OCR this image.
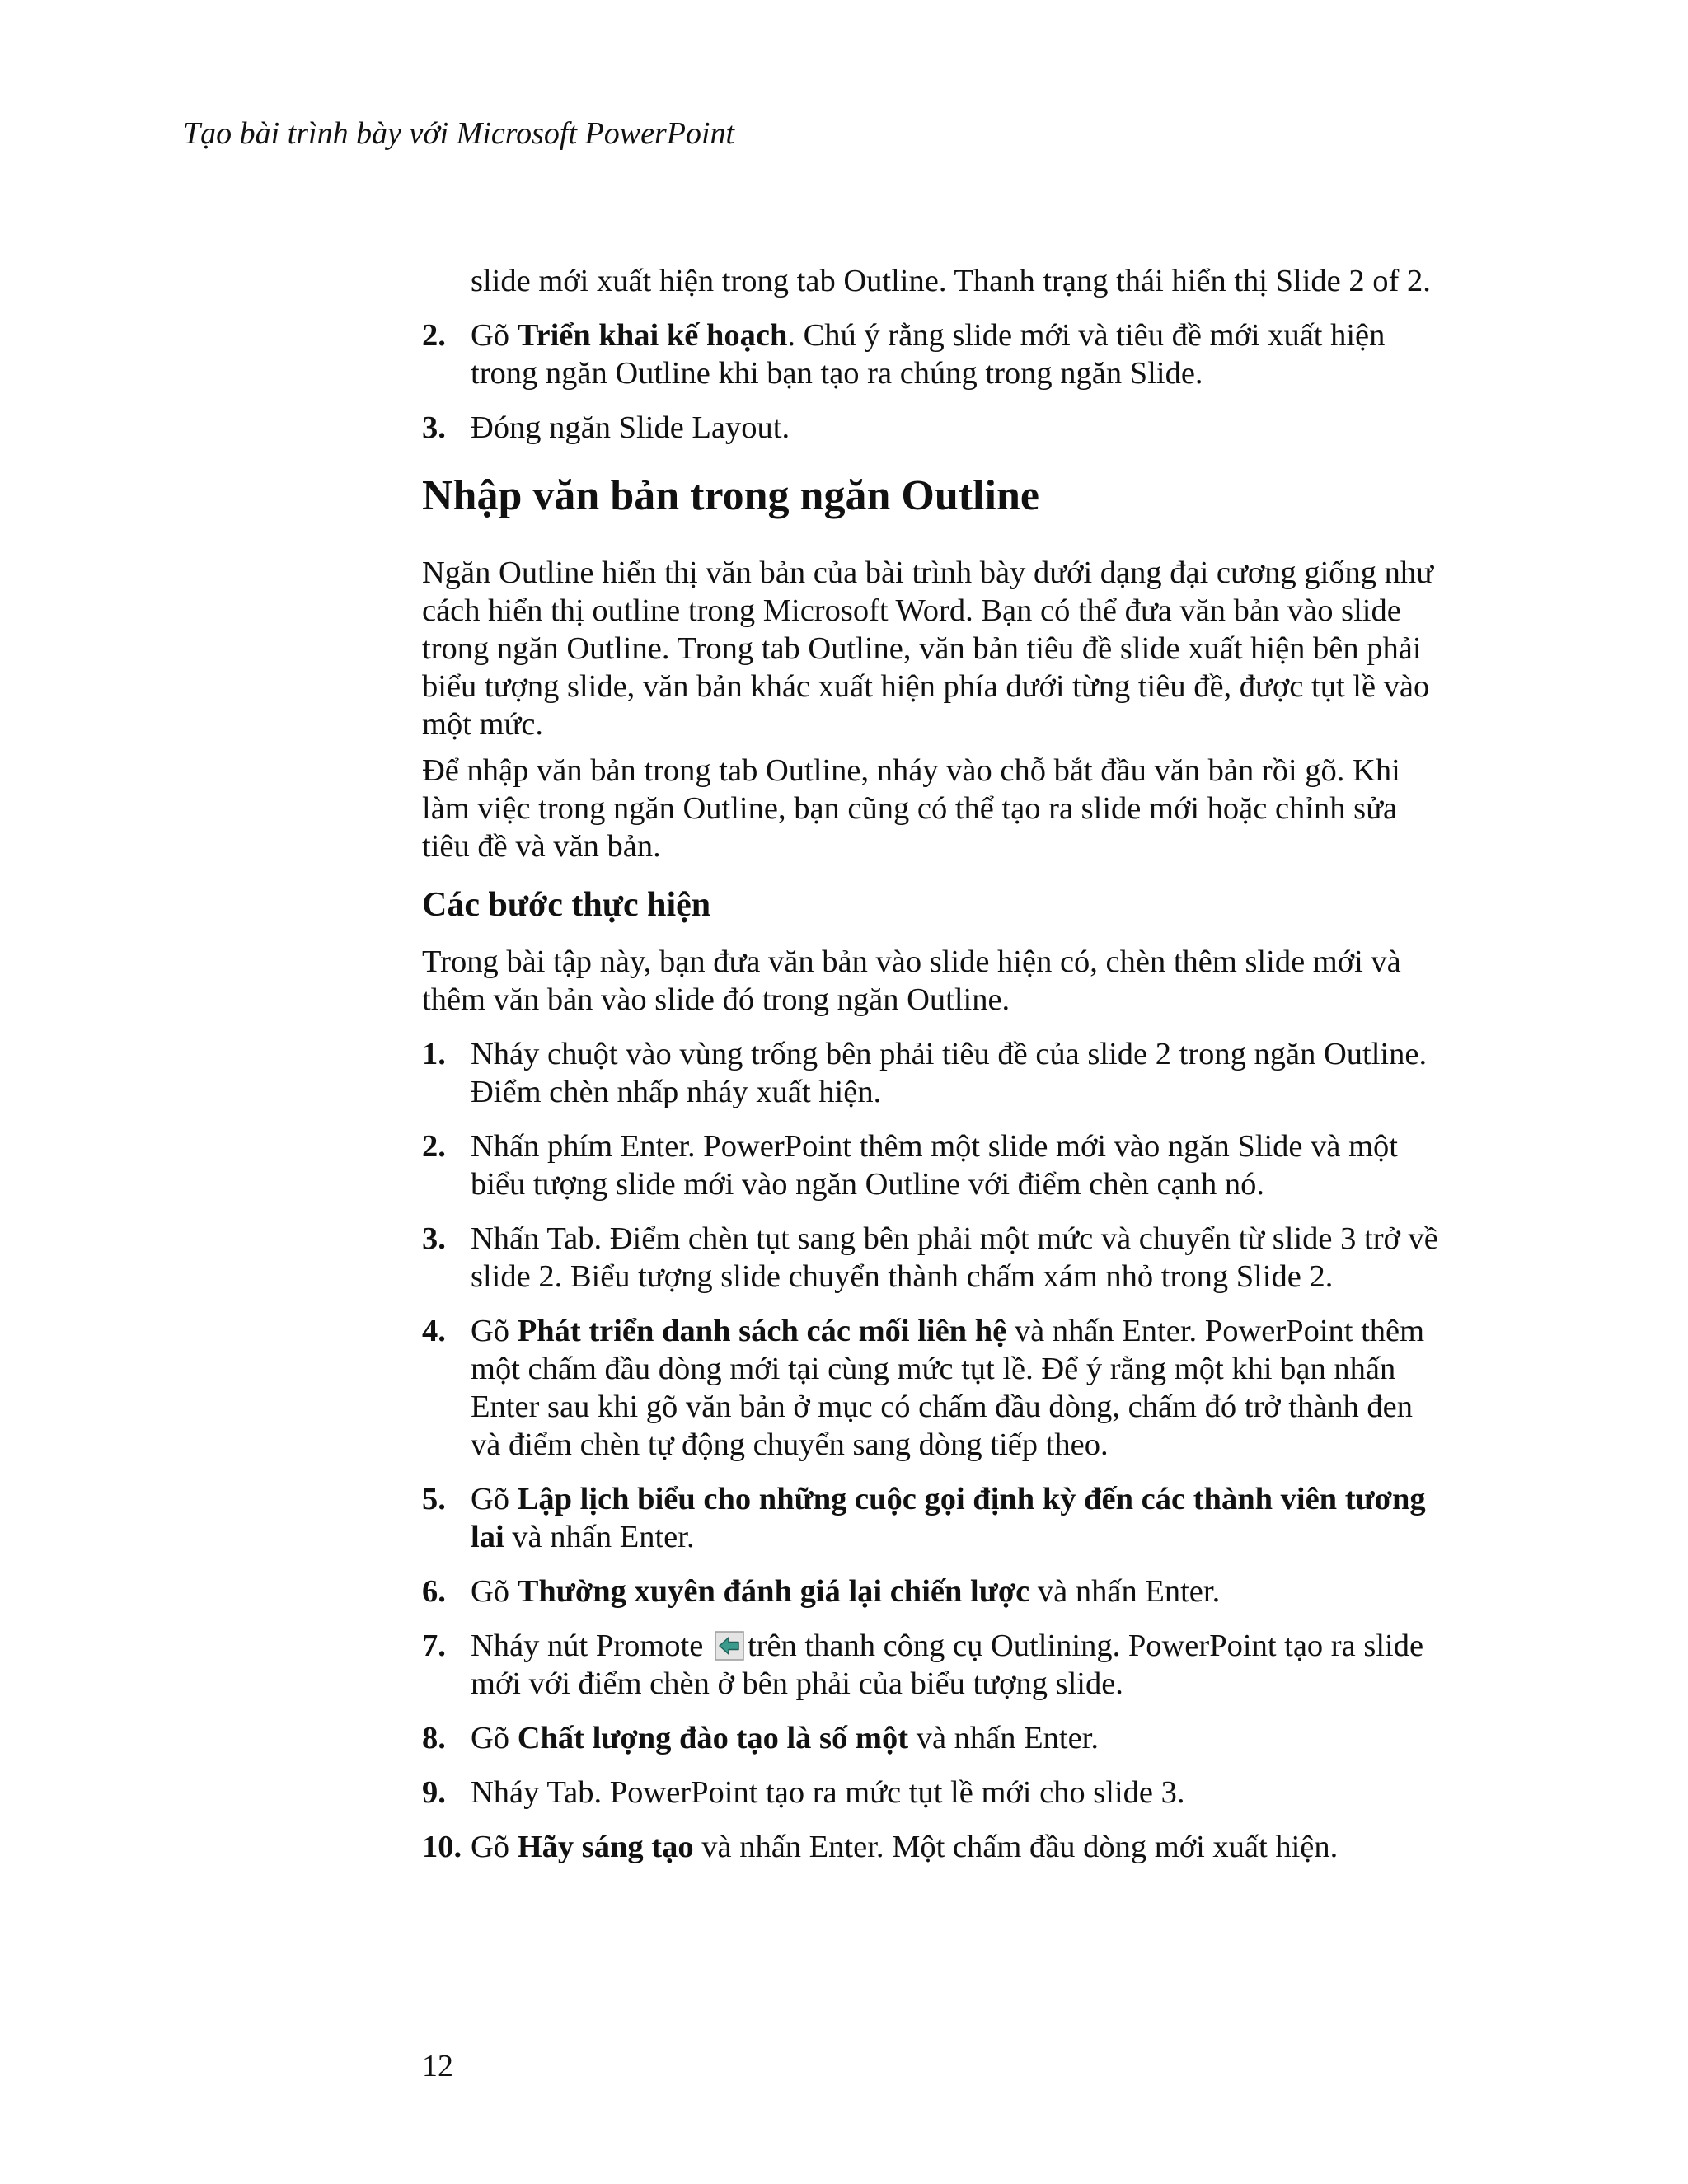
Tạo bài trình bày với Microsoft PowerPoint
slide mới xuất hiện trong tab Outline. Thanh trạng thái hiển thị Slide 2 of 2.
2. Gõ Triển khai kế hoạch. Chú ý rằng slide mới và tiêu đề mới xuất hiện trong ngăn Outline khi bạn tạo ra chúng trong ngăn Slide.
3. Đóng ngăn Slide Layout.
Nhập văn bản trong ngăn Outline
Ngăn Outline hiển thị văn bản của bài trình bày dưới dạng đại cương giống như cách hiển thị outline trong Microsoft Word. Bạn có thể đưa văn bản vào slide trong ngăn Outline. Trong tab Outline, văn bản tiêu đề slide xuất hiện bên phải biểu tượng slide, văn bản khác xuất hiện phía dưới từng tiêu đề, được tụt lề vào một mức.
Để nhập văn bản trong tab Outline, nháy vào chỗ bắt đầu văn bản rồi gõ. Khi làm việc trong ngăn Outline, bạn cũng có thể tạo ra slide mới hoặc chỉnh sửa tiêu đề và văn bản.
Các bước thực hiện
Trong bài tập này, bạn đưa văn bản vào slide hiện có, chèn thêm slide mới và thêm văn bản vào slide đó trong ngăn Outline.
1. Nháy chuột vào vùng trống bên phải tiêu đề của slide 2 trong ngăn Outline. Điểm chèn nhấp nháy xuất hiện.
2. Nhấn phím Enter. PowerPoint thêm một slide mới vào ngăn Slide và một biểu tượng slide mới vào ngăn Outline với điểm chèn cạnh nó.
3. Nhấn Tab. Điểm chèn tụt sang bên phải một mức và chuyển từ slide 3 trở về slide 2. Biểu tượng slide chuyển thành chấm xám nhỏ trong Slide 2.
4. Gõ Phát triển danh sách các mối liên hệ và nhấn Enter. PowerPoint thêm một chấm đầu dòng mới tại cùng mức tụt lề. Để ý rằng một khi bạn nhấn Enter sau khi gõ văn bản ở mục có chấm đầu dòng, chấm đó trở thành đen và điểm chèn tự động chuyển sang dòng tiếp theo.
5. Gõ Lập lịch biểu cho những cuộc gọi định kỳ đến các thành viên tương lai và nhấn Enter.
6. Gõ Thường xuyên đánh giá lại chiến lược và nhấn Enter.
7. Nháy nút Promote trên thanh công cụ Outlining. PowerPoint tạo ra slide mới với điểm chèn ở bên phải của biểu tượng slide.
8. Gõ Chất lượng đào tạo là số một và nhấn Enter.
9. Nháy Tab. PowerPoint tạo ra mức tụt lề mới cho slide 3.
10. Gõ Hãy sáng tạo và nhấn Enter. Một chấm đầu dòng mới xuất hiện.
12
